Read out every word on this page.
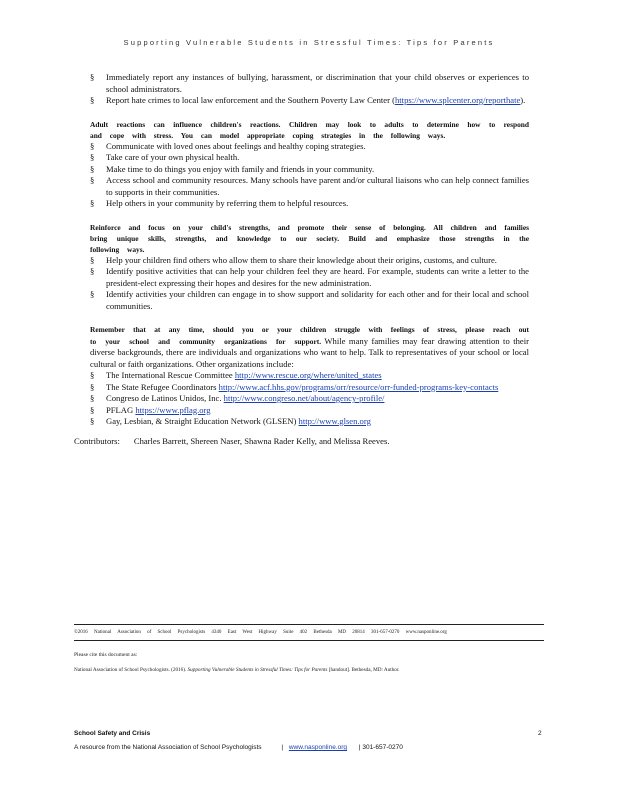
Supporting Vulnerable Students in Stressful Times: Tips for Parents
§ Immediately report any instances of bullying, harassment, or discrimination that your child observes or experiences to school administrators.
§ Report hate crimes to local law enforcement and the Southern Poverty Law Center (https://www.splcenter.org/reporthate).
Adult reactions can influence children's reactions. Children may look to adults to determine how to respond and cope with stress. You can model appropriate coping strategies in the following ways.
§ Communicate with loved ones about feelings and healthy coping strategies.
§ Take care of your own physical health.
§ Make time to do things you enjoy with family and friends in your community.
§ Access school and community resources. Many schools have parent and/or cultural liaisons who can help connect families to supports in their communities.
§ Help others in your community by referring them to helpful resources.
Reinforce and focus on your child's strengths, and promote their sense of belonging. All children and families bring unique skills, strengths, and knowledge to our society. Build and emphasize those strengths in the following ways.
§ Help your children find others who allow them to share their knowledge about their origins, customs, and culture.
§ Identify positive activities that can help your children feel they are heard. For example, students can write a letter to the president-elect expressing their hopes and desires for the new administration.
§ Identify activities your children can engage in to show support and solidarity for each other and for their local and school communities.
Remember that at any time, should you or your children struggle with feelings of stress, please reach out to your school and community organizations for support. While many families may fear drawing attention to their diverse backgrounds, there are individuals and organizations who want to help. Talk to representatives of your school or local cultural or faith organizations. Other organizations include:
§ The International Rescue Committee http://www.rescue.org/where/united_states
§ The State Refugee Coordinators http://www.acf.hhs.gov/programs/orr/resource/orr-funded-programs-key-contacts
§ Congreso de Latinos Unidos, Inc. http://www.congreso.net/about/agency-profile/
§ PFLAG https://www.pflag.org
§ Gay, Lesbian, & Straight Education Network (GLSEN) http://www.glsen.org
Contributors: Charles Barrett, Shereen Naser, Shawna Rader Kelly, and Melissa Reeves.
©2016 National Association of School Psychologists 4340 East West Highway Suite 402 Bethesda MD 20814 301-657-0270 www.nasponline.org
Please cite this document as:
National Association of School Psychologists. (2016). Supporting Vulnerable Students in Stressful Times: Tips for Parents [handout]. Bethesda, MD: Author.
School Safety and Crisis	2
A resource from the National Association of School Psychologists	| www.nasponline.org | 301-657-0270
